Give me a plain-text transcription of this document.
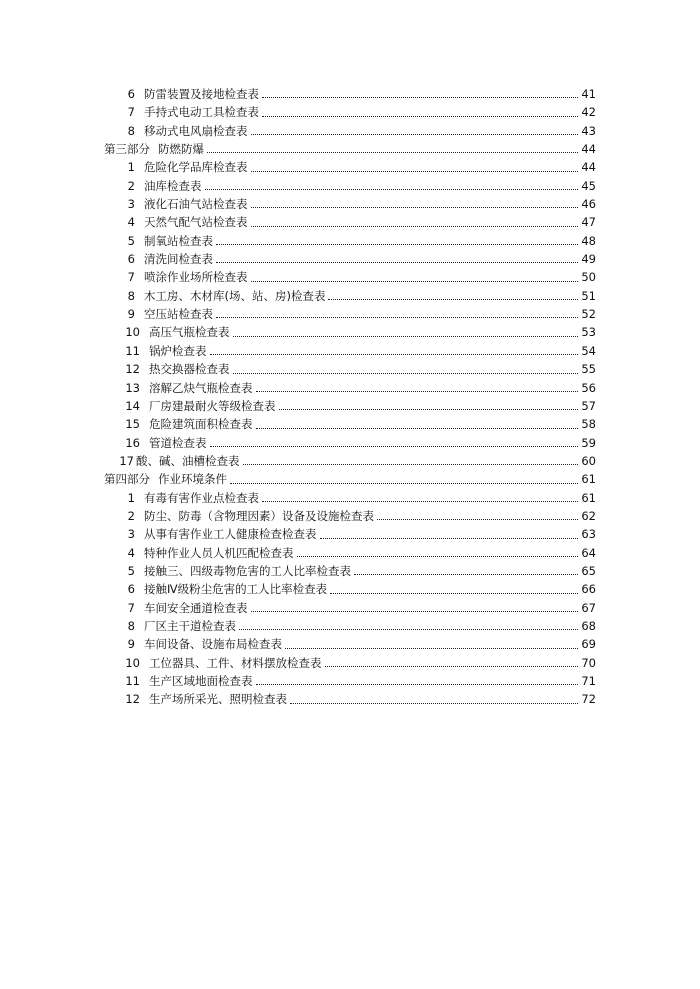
6 防雷装置及接地检查表	41
7 手持式电动工具检查表	42
8 移动式电风扇检查表	43
第三部分 防燃防爆	44
1 危险化学品库检查表	44
2 油库检查表	45
3 液化石油气站检查表	46
4 天然气配气站检查表	47
5 制氧站检查表	48
6 清洗间检查表	49
7 喷涂作业场所检查表	50
8 木工房、木材库(场、站、房)检查表	51
9 空压站检查表	52
10 高压气瓶检查表	53
11 锅炉检查表	54
12 热交换器检查表	55
13 溶解乙炔气瓶检查表	56
14 厂房建最耐火等级检查表	57
15 危险建筑面积检查表	58
16 管道检查表	59
17 酸、碱、油槽检查表	60
第四部分 作业环境条件	61
1 有毒有害作业点检查表	61
2 防尘、防毒（含物理因素）设备及设施检查表	62
3 从事有害作业工人健康检查检查表	63
4 特种作业人员人机匹配检查表	64
5 接触三、四级毒物危害的工人比率检查表	65
6 接触Ⅳ级粉尘危害的工人比率检查表	66
7 车间安全通道检查表	67
8 厂区主干道检查表	68
9 车间设备、设施布局检查表	69
10 工位器具、工件、材料摆放检查表	70
11 生产区域地面检查表	71
12 生产场所采光、照明检查表	72
